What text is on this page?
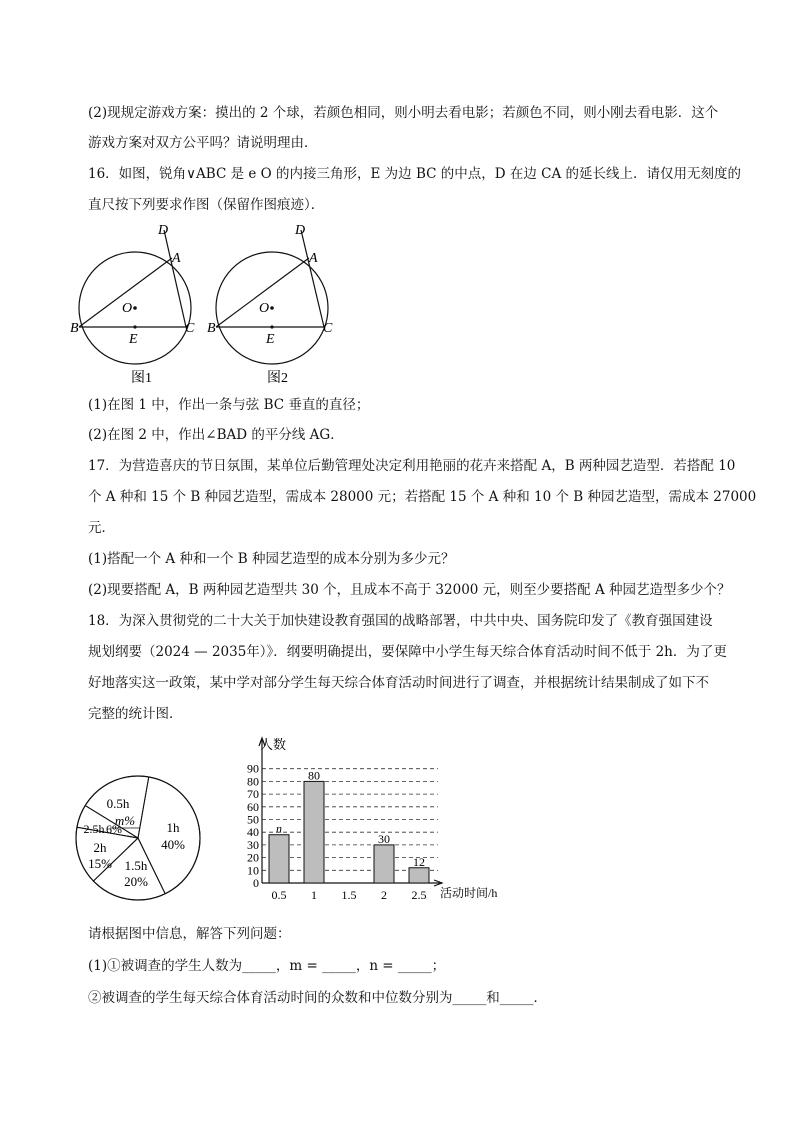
(2)现规定游戏方案：摸出的 2 个球，若颜色相同，则小明去看电影；若颜色不同，则小刚去看电影．这个
游戏方案对双方公平吗？请说明理由．
16．如图，锐角∨ABC 是 e O 的内接三角形，E 为边 BC 的中点，D 在边 CA 的延长线上．请仅用无刻度的
直尺按下列要求作图（保留作图痕迹）．
D
A
O
B	C
E
图1
D
A
O
B	C
E
图2
(1)在图 1 中，作出一条与弦 BC 垂直的直径；
(2)在图 2 中，作出∠BAD 的平分线 AG．
17．为营造喜庆的节日氛围，某单位后勤管理处决定利用艳丽的花卉来搭配 A，B 两种园艺造型．若搭配 10
个 A 种和 15 个 B 种园艺造型，需成本 28000 元；若搭配 15 个 A 种和 10 个 B 种园艺造型，需成本 27000
元．
(1)搭配一个 A 种和一个 B 种园艺造型的成本分别为多少元？
(2)现要搭配 A，B 两种园艺造型共 30 个，且成本不高于 32000 元，则至少要搭配 A 种园艺造型多少个？
18．为深入贯彻党的二十大关于加快建设教育强国的战略部署，中共中央、国务院印发了《教育强国建设
规划纲要（2024 — 2035年）》．纲要明确提出，要保障中小学生每天综合体育活动时间不低于 2h．为了更
好地落实这一政策，某中学对部分学生每天综合体育活动时间进行了调查，并根据统计结果制成了如下不
完整的统计图．
1h
40%
1.5h
20%
2h
15%
2.5h 6%
0.5h
m%
0
10
20
30
40
50
60
70
80
90
人数
活动时间/h
n
0.5
80
1 1.5
30
2
12
2.5
请根据图中信息，解答下列问题：
(1)①被调查的学生人数为_____，m = _____，n = _____；
②被调查的学生每天综合体育活动时间的众数和中位数分别为_____和_____．
